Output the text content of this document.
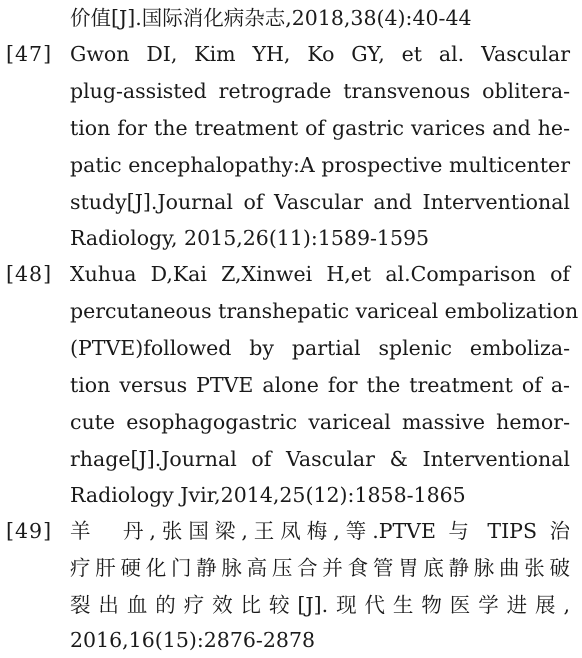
价值[J].国际消化病杂志,2018,38(4):40-44
[47] Gwon DI, Kim YH, Ko GY, et al. Vascular
plug-assisted retrograde transvenous oblitera-
tion for the treatment of gastric varices and he-
patic encephalopathy:A prospective multicenter
study[J].Journal of Vascular and Interventional
Radiology, 2015,26(11):1589-1595
[48] Xuhua D,Kai Z,Xinwei H,et al.Comparison of
percutaneous transhepatic variceal embolization
(PTVE)followed by partial splenic emboliza-
tion versus PTVE alone for the treatment of a-
cute esophagogastric variceal massive hemor-
rhage[J].Journal of Vascular & Interventional
Radiology Jvir,2014,25(12):1858-1865
[49] 羊　丹,张国梁,王凤梅,等.PTVE 与 TIPS 治
疗肝硬化门静脉高压合并食管胃底静脉曲张破
裂出血的疗效比较[J].现代生物医学进展,
2016,16(15):2876-2878
